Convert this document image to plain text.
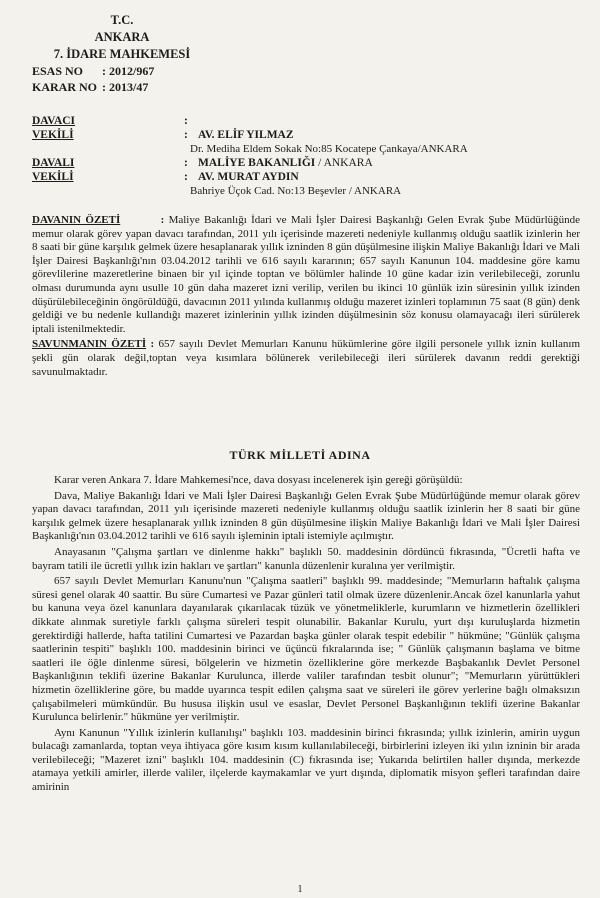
T.C.
ANKARA
7. İDARE MAHKEMESİ
ESAS NO	: 2012/967
KARAR NO : 2013/47
DAVACI	:
VEKİLİ	: AV. ELİF YILMAZ
Dr. Mediha Eldem Sokak No:85 Kocatepe Çankaya/ANKARA
DAVALI	: MALİYE BAKANLIĞI / ANKARA
VEKİLİ	: AV. MURAT AYDIN
Bahriye Üçok Cad. No:13 Beşevler / ANKARA

DAVANIN ÖZETİ	: Maliye Bakanlığı İdari ve Mali İşler Dairesi Başkanlığı Gelen Evrak Şube Müdürlüğünde memur olarak görev yapan davacı tarafından, 2011 yılı içerisinde mazereti nedeniyle kullanmış olduğu saatlik izinlerin her 8 saati bir güne karşılık gelmek üzere hesaplanarak yıllık izninden 8 gün düşülmesine ilişkin Maliye Bakanlığı İdari ve Mali İşler Dairesi Başkanlığı'nın 03.04.2012 tarihli ve 616 sayılı kararının; 657 sayılı Kanunun 104. maddesine göre kamu görevlilerine mazeretlerine binaen bir yıl içinde toptan ve bölümler halinde 10 güne kadar izin verilebileceği, zorunlu olması durumunda aynı usulle 10 gün daha mazeret izni verilip, verilen bu ikinci 10 günlük izin süresinin yıllık izinden düşürülebileceğinin öngörüldüğü, davacının 2011 yılında kullanmış olduğu mazeret izinleri toplamının 75 saat (8 gün) denk geldiği ve bu nedenle kullandığı mazeret izinlerinin yıllık izinden düşülmesinin söz konusu olamayacağı ileri sürülerek iptali istenilmektedir.

SAVUNMANIN ÖZETİ : 657 sayılı Devlet Memurları Kanunu hükümlerine göre ilgili personele yıllık iznin kullanım şekli gün olarak değil,toptan veya kısımlara bölünerek verilebileceği ileri sürülerek davanın reddi gerektiği savunulmaktadır.

TÜRK MİLLETİ ADINA

Karar veren Ankara 7. İdare Mahkemesi'nce, dava dosyası incelenerek işin gereği görüşüldü:

Dava, Maliye Bakanlığı İdari ve Mali İşler Dairesi Başkanlığı Gelen Evrak Şube Müdürlüğünde memur olarak görev yapan davacı tarafından, 2011 yılı içerisinde mazereti nedeniyle kullanmış olduğu saatlik izinlerin her 8 saati bir güne karşılık gelmek üzere hesaplanarak yıllık izninden 8 gün düşülmesine ilişkin Maliye Bakanlığı İdari ve Mali İşler Dairesi Başkanlığı'nın 03.04.2012 tarihli ve 616 sayılı işleminin iptali istemiyle açılmıştır.

Anayasanın "Çalışma şartları ve dinlenme hakkı" başlıklı 50. maddesinin dördüncü fıkrasında, "Ücretli hafta ve bayram tatili ile ücretli yıllık izin hakları ve şartları" kanunla düzenlenir kuralına yer verilmiştir.

657 sayılı Devlet Memurları Kanunu'nun "Çalışma saatleri" başlıklı 99. maddesinde; "Memurların haftalık çalışma süresi genel olarak 40 saattir. Bu süre Cumartesi ve Pazar günleri tatil olmak üzere düzenlenir.Ancak özel kanunlarla yahut bu kanuna veya özel kanunlara dayanılarak çıkarılacak tüzük ve yönetmeliklerle, kurumların ve hizmetlerin özellikleri dikkate alınmak suretiyle farklı çalışma süreleri tespit olunabilir. Bakanlar Kurulu, yurt dışı kuruluşlarda hizmetin gerektirdiği hallerde, hafta tatilini Cumartesi ve Pazardan başka günler olarak tespit edebilir " hükmüne; "Günlük çalışma saatlerinin tespiti" başlıklı 100. maddesinin birinci ve üçüncü fıkralarında ise; " Günlük çalışmanın başlama ve bitme saatleri ile öğle dinlenme süresi, bölgelerin ve hizmetin özelliklerine göre merkezde Başbakanlık Devlet Personel Başkanlığının teklifi üzerine Bakanlar Kurulunca, illerde valiler tarafından tesbit olunur"; "Memurların yürüttükleri hizmetin özelliklerine göre, bu madde uyarınca tespit edilen çalışma saat ve süreleri ile görev yerlerine bağlı olmaksızın çalışabilmeleri mümkündür. Bu hususa ilişkin usul ve esaslar, Devlet Personel Başkanlığının teklifi üzerine Bakanlar Kurulunca belirlenir." hükmüne yer verilmiştir.

Aynı Kanunun "Yıllık izinlerin kullanılışı" başlıklı 103. maddesinin birinci fıkrasında; yıllık izinlerin, amirin uygun bulacağı zamanlarda, toptan veya ihtiyaca göre kısım kısım kullanılabileceği, birbirlerini izleyen iki yılın izninin bir arada verilebileceği; "Mazeret izni" başlıklı 104. maddesinin (C) fıkrasında ise; Yukarıda belirtilen haller dışında, merkezde atamaya yetkili amirler, illerde valiler, ilçelerde kaymakamlar ve yurt dışında, diplomatik misyon şefleri tarafından daire amirinin

1
